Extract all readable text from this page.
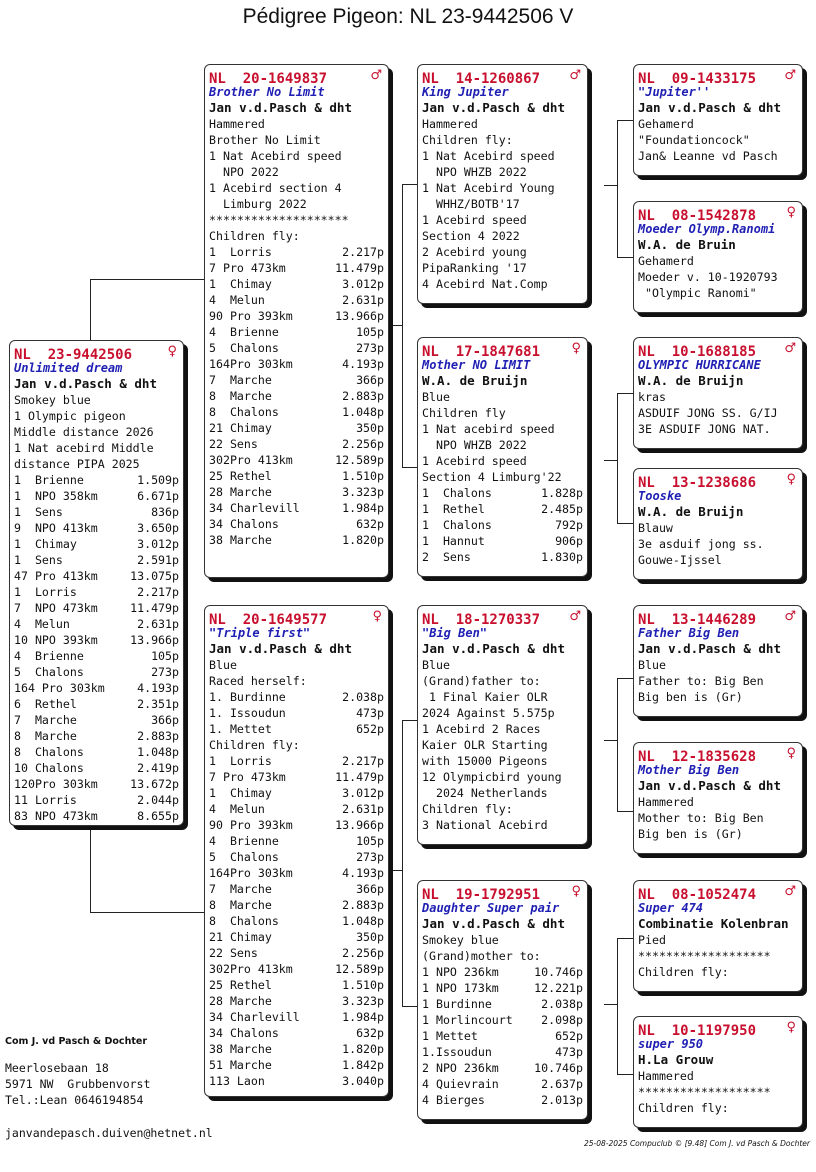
Pédigree Pigeon: NL 23-9442506 V
NL  23-9442506	♀
Unlimited dream
Jan v.d.Pasch & dht
Smokey blue
1 Olympic pigeon
Middle distance 2026
1 Nat acebird Middle
distance PIPA 2025
1  Brienne	1.509p
1  NPO 358km	6.671p
1  Sens	836p
9  NPO 413km	3.650p
1  Chimay	3.012p
1  Sens	2.591p
47 Pro 413km	13.075p
1  Lorris	2.217p
7  NPO 473km	11.479p
4  Melun	2.631p
10 NPO 393km	13.966p
4  Brienne	105p
5  Chalons	273p
164 Pro 303km	4.193p
6  Rethel	2.351p
7  Marche	366p
8  Marche	2.883p
8  Chalons	1.048p
10 Chalons	2.419p
120Pro 303km	13.672p
11 Lorris	2.044p
83 NPO 473km	8.655p
NL  20-1649837	♂
Brother No Limit
Jan v.d.Pasch & dht
Hammered
Brother No Limit
1 Nat Acebird speed
NPO 2022
1 Acebird section 4
Limburg 2022
********************
Children fly:
1  Lorris	2.217p
7 Pro 473km	11.479p
1  Chimay	3.012p
4  Melun	2.631p
90 Pro 393km	13.966p
4  Brienne	105p
5  Chalons	273p
164Pro 303km	4.193p
7  Marche	366p
8  Marche	2.883p
8  Chalons	1.048p
21 Chimay	350p
22 Sens	2.256p
302Pro 413km	12.589p
25 Rethel	1.510p
28 Marche	3.323p
34 Charlevill	1.984p
34 Chalons	632p
38 Marche	1.820p
NL  20-1649577	♀
"Triple first"
Jan v.d.Pasch & dht
Blue
Raced herself:
1. Burdinne	2.038p
1. Issoudun	473p
1. Mettet	652p
Children fly:
1  Lorris	2.217p
7 Pro 473km	11.479p
1  Chimay	3.012p
4  Melun	2.631p
90 Pro 393km	13.966p
4  Brienne	105p
5  Chalons	273p
164Pro 303km	4.193p
7  Marche	366p
8  Marche	2.883p
8  Chalons	1.048p
21 Chimay	350p
22 Sens	2.256p
302Pro 413km	12.589p
25 Rethel	1.510p
28 Marche	3.323p
34 Charlevill	1.984p
34 Chalons	632p
38 Marche	1.820p
51 Marche	1.842p
113 Laon	3.040p
NL  14-1260867 ♂
King Jupiter
Jan v.d.Pasch & dht
Hammered
Children fly:
1 Nat Acebird speed
NPO WHZB 2022
1 Nat Acebird Young
WHHZ/BOTB'17
1 Acebird speed
Section 4 2022
2 Acebird young
PipaRanking '17
4 Acebird Nat.Comp
NL  17-1847681 ♀
Mother NO LIMIT
W.A. de Bruijn
Blue
Children fly
1 Nat acebird speed
NPO WHZB 2022
1 Acebird speed
Section 4 Limburg'22
1  Chalons	1.828p
1  Rethel	2.485p
1  Chalons	792p
1  Hannut	906p
2  Sens	1.830p
NL  18-1270337 ♂
"Big Ben"
Jan v.d.Pasch & dht
Blue
(Grand)father to:
1 Final Kaier OLR
2024 Against 5.575p
1 Acebird 2 Races
Kaier OLR Starting
with 15000 Pigeons
12 Olympicbird young
2024 Netherlands
Children fly:
3 National Acebird
NL  19-1792951 ♀
Daughter Super pair
Jan v.d.Pasch & dht
Smokey blue
(Grand)mother to:
1 NPO 236km	10.746p
1 NPO 173km	12.221p
1 Burdinne	2.038p
1 Morlincourt 2.098p
1 Mettet	652p
1.Issoudun	473p
2 NPO 236km	10.746p
4 Quievrain	2.637p
4 Bierges	2.013p
NL  09-1433175 ♂
"Jupiter''
Jan v.d.Pasch & dht
Gehamerd
"Foundationcock"
Jan& Leanne vd Pasch
NL  08-1542878 ♀
Moeder Olymp.Ranomi
W.A. de Bruin
Gehamerd
Moeder v. 10-1920793
"Olympic Ranomi"
NL  10-1688185 ♂
OLYMPIC HURRICANE
W.A. de Bruijn
kras
ASDUIF JONG SS. G/IJ
3E ASDUIF JONG NAT.
NL  13-1238686 ♀
Tooske
W.A. de Bruijn
Blauw
3e asduif jong ss.
Gouwe-Ijssel
NL  13-1446289 ♂
Father Big Ben
Jan v.d.Pasch & dht
Blue
Father to: Big Ben
Big ben is (Gr)
NL  12-1835628 ♀
Mother Big Ben
Jan v.d.Pasch & dht
Hammered
Mother to: Big Ben
Big ben is (Gr)
NL  08-1052474 ♂
Super 474
Combinatie Kolenbran
Pied
*******************
Children fly:
NL  10-1197950 ♀
super 950
H.La Grouw
Hammered
*******************
Children fly:
Com J. vd Pasch & Dochter
Meerlosebaan 18
5971 NW  Grubbenvorst
Tel.:Lean 0646194854
janvandepasch.duiven@hetnet.nl
25-08-2025 Compuclub © [9.48] Com J. vd Pasch & Dochter
